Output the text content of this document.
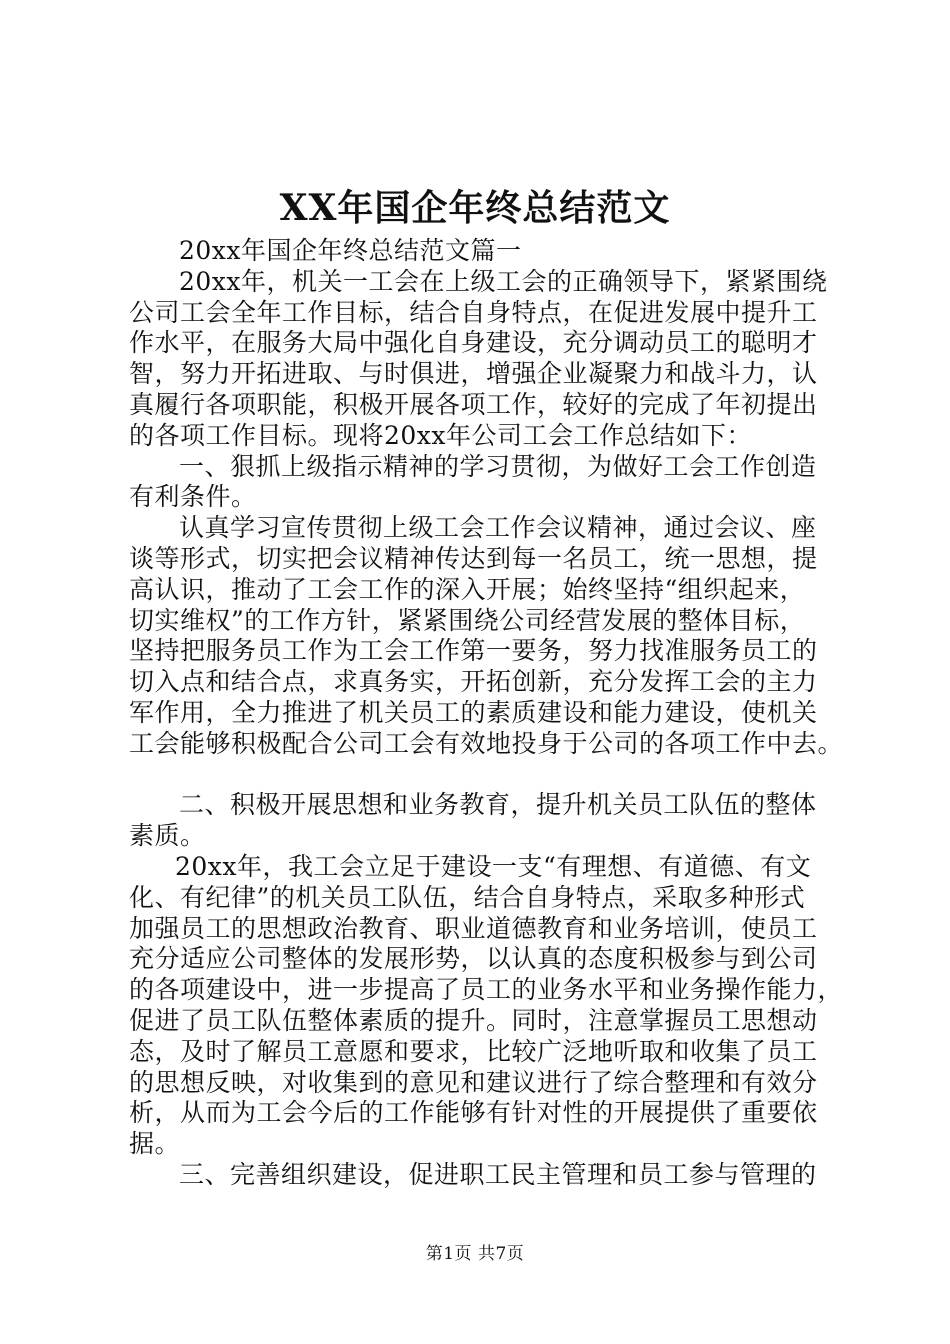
XX年国企年终总结范文
20xx年国企年终总结范文篇一
20xx年，机关一工会在上级工会的正确领导下，紧紧围绕
公司工会全年工作目标，结合自身特点，在促进发展中提升工
作水平，在服务大局中强化自身建设，充分调动员工的聪明才
智，努力开拓进取、与时俱进，增强企业凝聚力和战斗力，认
真履行各项职能，积极开展各项工作，较好的完成了年初提出
的各项工作目标。现将20xx年公司工会工作总结如下：
一、狠抓上级指示精神的学习贯彻，为做好工会工作创造
有利条件。
认真学习宣传贯彻上级工会工作会议精神，通过会议、座
谈等形式，切实把会议精神传达到每一名员工，统一思想，提
高认识，推动了工会工作的深入开展；始终坚持“组织起来，
切实维权”的工作方针，紧紧围绕公司经营发展的整体目标，
坚持把服务员工作为工会工作第一要务，努力找准服务员工的
切入点和结合点，求真务实，开拓创新，充分发挥工会的主力
军作用，全力推进了机关员工的素质建设和能力建设，使机关
工会能够积极配合公司工会有效地投身于公司的各项工作中去。
二、积极开展思想和业务教育，提升机关员工队伍的整体
素质。
20xx年，我工会立足于建设一支“有理想、有道德、有文
化、有纪律”的机关员工队伍，结合自身特点，采取多种形式
加强员工的思想政治教育、职业道德教育和业务培训，使员工
充分适应公司整体的发展形势，以认真的态度积极参与到公司
的各项建设中，进一步提高了员工的业务水平和业务操作能力，
促进了员工队伍整体素质的提升。同时，注意掌握员工思想动
态，及时了解员工意愿和要求，比较广泛地听取和收集了员工
的思想反映，对收集到的意见和建议进行了综合整理和有效分
析，从而为工会今后的工作能够有针对性的开展提供了重要依
据。
三、完善组织建设，促进职工民主管理和员工参与管理的
第1页 共7页
